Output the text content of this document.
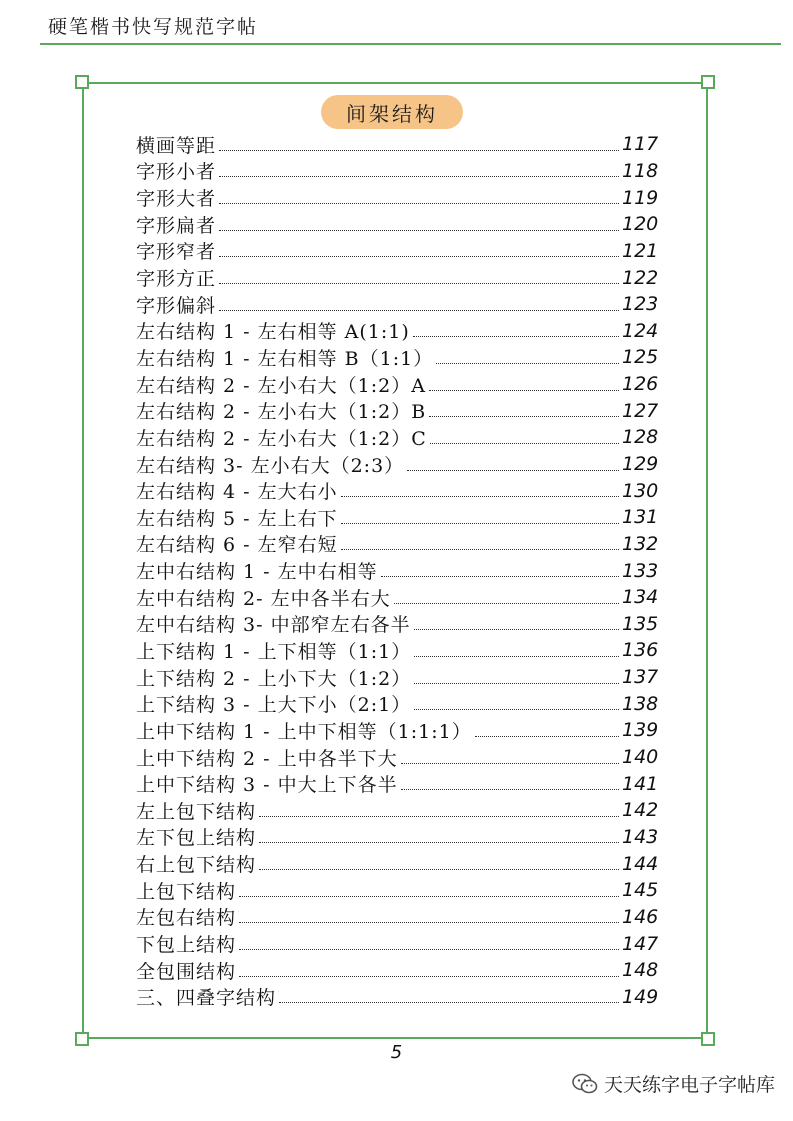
硬笔楷书快写规范字帖
间架结构
横画等距	117
字形小者	118
字形大者	119
字形扁者	120
字形窄者	121
字形方正	122
字形偏斜	123
左右结构 1 - 左右相等 A(1:1)	124
左右结构 1 - 左右相等 B（1:1）	125
左右结构 2 - 左小右大（1:2）A	126
左右结构 2 - 左小右大（1:2）B	127
左右结构 2 - 左小右大（1:2）C	128
左右结构 3- 左小右大（2:3）	129
左右结构 4 - 左大右小	130
左右结构 5 - 左上右下	131
左右结构 6 - 左窄右短	132
左中右结构 1 - 左中右相等	133
左中右结构 2- 左中各半右大	134
左中右结构 3- 中部窄左右各半	135
上下结构 1 - 上下相等（1:1）	136
上下结构 2 - 上小下大（1:2）	137
上下结构 3 - 上大下小（2:1）	138
上中下结构 1 - 上中下相等（1:1:1）	139
上中下结构 2 - 上中各半下大	140
上中下结构 3 - 中大上下各半	141
左上包下结构	142
左下包上结构	143
右上包下结构	144
上包下结构	145
左包右结构	146
下包上结构	147
全包围结构	148
三、四叠字结构	149
5
天天练字电子字帖库
